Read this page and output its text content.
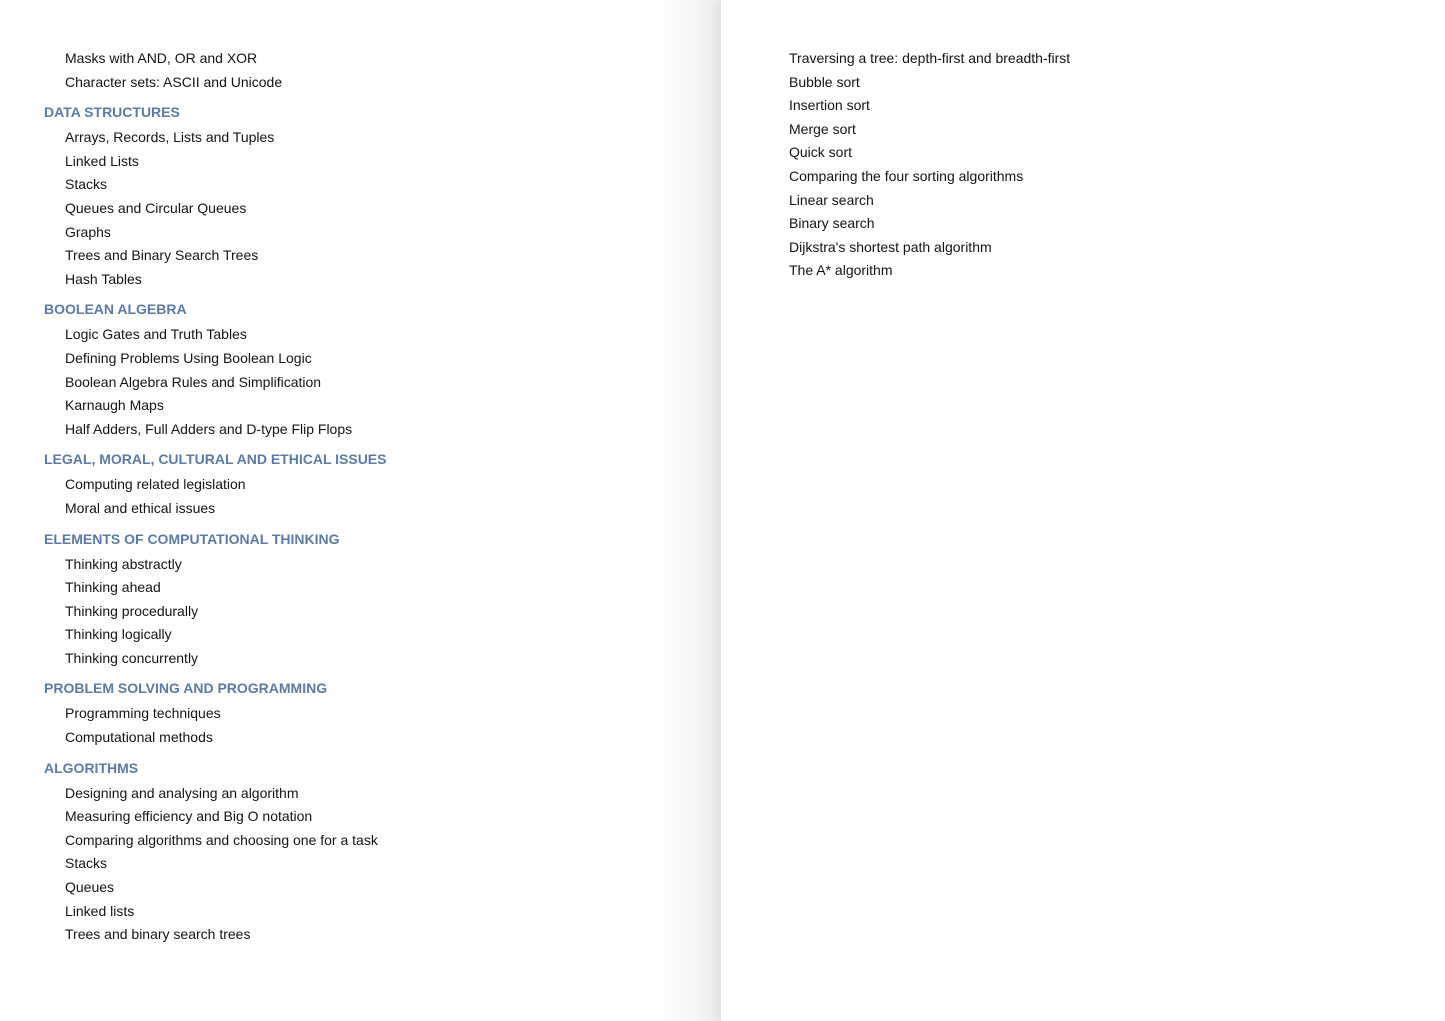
Masks with AND, OR and XOR
Character sets: ASCII and Unicode
DATA STRUCTURES
Arrays, Records, Lists and Tuples
Linked Lists
Stacks
Queues and Circular Queues
Graphs
Trees and Binary Search Trees
Hash Tables
BOOLEAN ALGEBRA
Logic Gates and Truth Tables
Defining Problems Using Boolean Logic
Boolean Algebra Rules and Simplification
Karnaugh Maps
Half Adders, Full Adders and D-type Flip Flops
LEGAL, MORAL, CULTURAL AND ETHICAL ISSUES
Computing related legislation
Moral and ethical issues
ELEMENTS OF COMPUTATIONAL THINKING
Thinking abstractly
Thinking ahead
Thinking procedurally
Thinking logically
Thinking concurrently
PROBLEM SOLVING AND PROGRAMMING
Programming techniques
Computational methods
ALGORITHMS
Designing and analysing an algorithm
Measuring efficiency and Big O notation
Comparing algorithms and choosing one for a task
Stacks
Queues
Linked lists
Trees and binary search trees
Traversing a tree: depth-first and breadth-first
Bubble sort
Insertion sort
Merge sort
Quick sort
Comparing the four sorting algorithms
Linear search
Binary search
Dijkstra's shortest path algorithm
The A* algorithm
